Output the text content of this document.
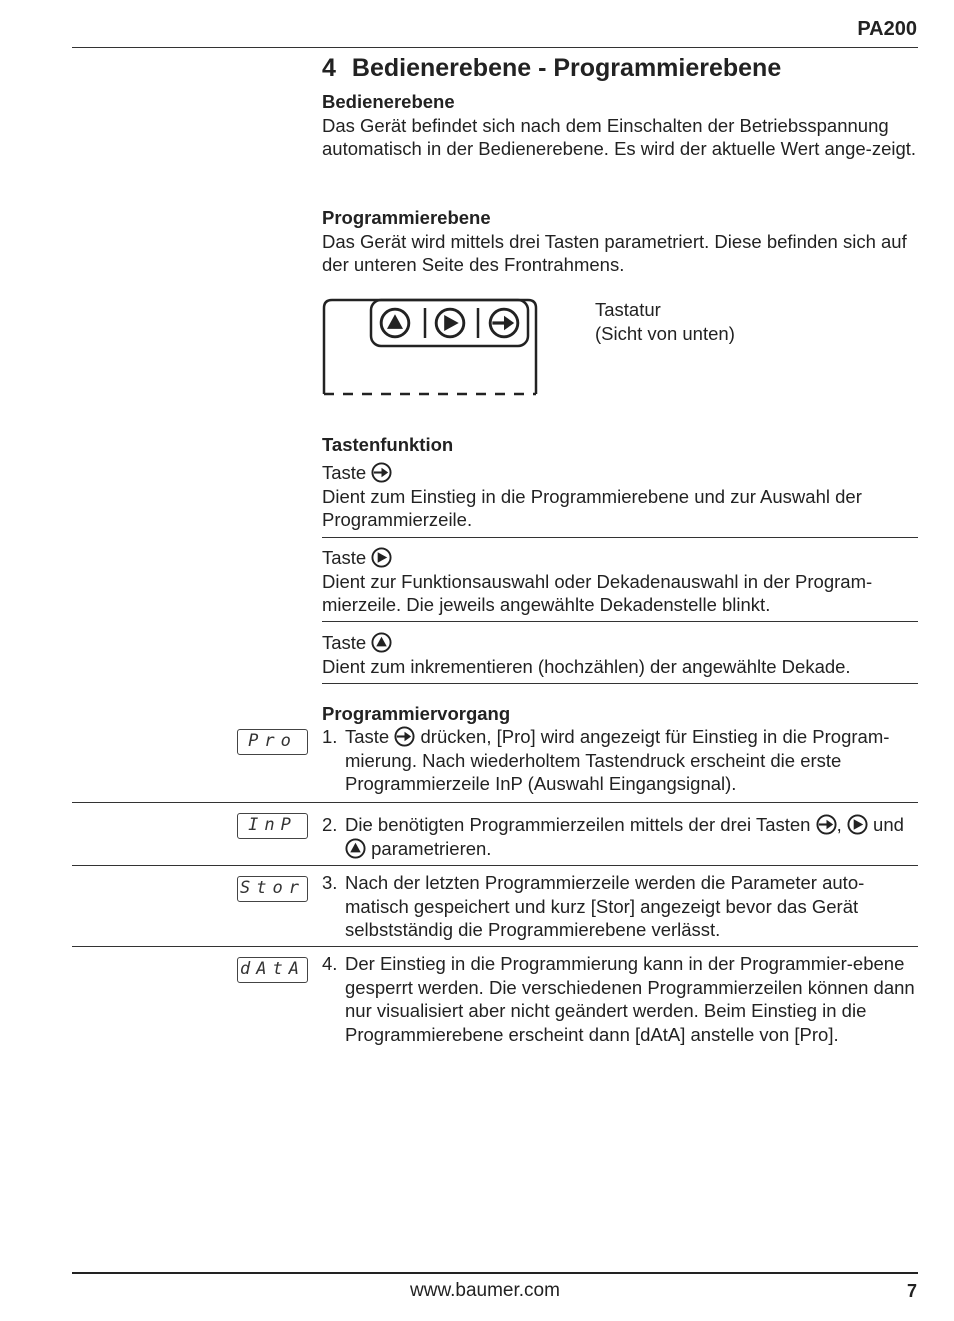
PA200
4 Bedienerebene - Programmierebene
Bedienerebene
Das Gerät befindet sich nach dem Einschalten der Betriebsspannung automatisch in der Bedienerebene. Es wird der aktuelle Wert ange-zeigt.
Programmierebene
Das Gerät wird mittels drei Tasten parametriert. Diese befinden sich auf der unteren Seite des Frontrahmens.
Tastatur
(Sicht von unten)
Tastenfunktion
Taste
Dient zum Einstieg in die Programmierebene und zur Auswahl der Programmierzeile.
Taste
Dient zur Funktionsauswahl oder Dekadenauswahl in der Program-mierzeile. Die jeweils angewählte Dekadenstelle blinkt.
Taste
Dient zum inkrementieren (hochzählen) der angewählte Dekade.
Programmiervorgang
Pro	1. Taste drücken, [Pro] wird angezeigt für Einstieg in die Program-mierung. Nach wiederholtem Tastendruck erscheint die erste Programmierzeile InP (Auswahl Eingangsignal).
InP	2. Die benötigten Programmierzeilen mittels der drei Tasten , und  parametrieren.
Stor 3. Nach der letzten Programmierzeile werden die Parameter auto-matisch gespeichert und kurz [Stor] angezeigt bevor das Gerät selbstständig die Programmierebene verlässt.
dAtA 4. Der Einstieg in die Programmierung kann in der Programmier-ebene gesperrt werden. Die verschiedenen Programmierzeilen können dann nur visualisiert aber nicht geändert werden. Beim Einstieg in die Programmierebene erscheint dann [dAtA] anstelle von [Pro].
www.baumer.com	7
